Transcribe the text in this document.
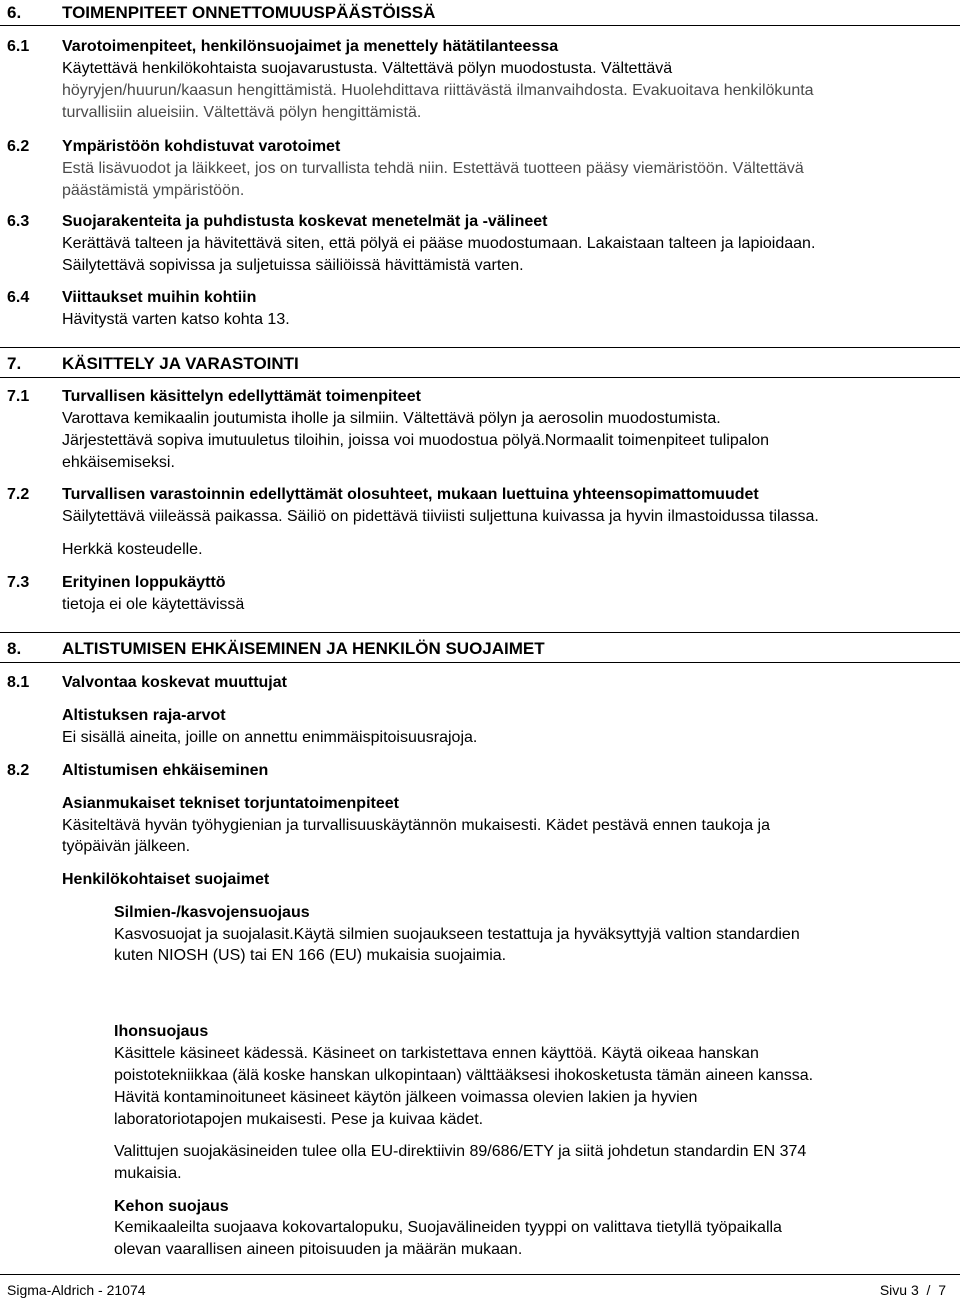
6. TOIMENPITEET ONNETTOMUUSPÄÄSTÖISSÄ
6.1 Varotoimenpiteet, henkilönsuojaimet ja menettely hätätilanteessa
Käytettävä henkilökohtaista suojavarustusta. Vältettävä pölyn muodostusta. Vältettävä
höyryjen/huurun/kaasun hengittämistä. Huolehdittava riittävästä ilmanvaihdosta. Evakuoitava henkilökunta
turvallisiin alueisiin. Vältettävä pölyn hengittämistä.
6.2 Ympäristöön kohdistuvat varotoimet
Estä lisävuodot ja läikkeet, jos on turvallista tehdä niin. Estettävä tuotteen pääsy viemäristöön. Vältettävä
päästämistä ympäristöön.
6.3 Suojarakenteita ja puhdistusta koskevat menetelmät ja -välineet
Kerättävä talteen ja hävitettävä siten, että pölyä ei pääse muodostumaan. Lakaistaan talteen ja lapioidaan.
Säilytettävä sopivissa ja suljetuissa säiliöissä hävittämistä varten.
6.4 Viittaukset muihin kohtiin
Hävitystä varten katso kohta 13.
7. KÄSITTELY JA VARASTOINTI
7.1 Turvallisen käsittelyn edellyttämät toimenpiteet
Varottava kemikaalin joutumista iholle ja silmiin. Vältettävä pölyn ja aerosolin muodostumista.
Järjestettävä sopiva imutuuletus tiloihin, joissa voi muodostua pölyä.Normaalit toimenpiteet tulipalon
ehkäisemiseksi.
7.2 Turvallisen varastoinnin edellyttämät olosuhteet, mukaan luettuina yhteensopimattomuudet
Säilytettävä viileässä paikassa. Säiliö on pidettävä tiiviisti suljettuna kuivassa ja hyvin ilmastoidussa tilassa.
Herkkä kosteudelle.
7.3 Erityinen loppukäyttö
tietoja ei ole käytettävissä
8. ALTISTUMISEN EHKÄISEMINEN JA HENKILÖN SUOJAIMET
8.1 Valvontaa koskevat muuttujat
Altistuksen raja-arvot
Ei sisällä aineita, joille on annettu enimmäispitoisuusrajoja.
8.2 Altistumisen ehkäiseminen
Asianmukaiset tekniset torjuntatoimenpiteet
Käsiteltävä hyvän työhygienian ja turvallisuuskäytännön mukaisesti. Kädet pestävä ennen taukoja ja
työpäivän jälkeen.
Henkilökohtaiset suojaimet
Silmien-/kasvojensuojaus
Kasvosuojat ja suojalasit.Käytä silmien suojaukseen testattuja ja hyväksyttyjä valtion standardien
kuten NIOSH (US) tai EN 166 (EU) mukaisia suojaimia.
Ihonsuojaus
Käsittele käsineet kädessä. Käsineet on tarkistettava ennen käyttöä. Käytä oikeaa hanskan
poistotekniikkaa (älä koske hanskan ulkopintaan) välttääksesi ihokosketusta tämän aineen kanssa.
Hävitä kontaminoituneet käsineet käytön jälkeen voimassa olevien lakien ja hyvien
laboratoriotapojen mukaisesti. Pese ja kuivaa kädet.
Valittujen suojakäsineiden tulee olla EU-direktiivin 89/686/ETY ja siitä johdetun standardin EN 374
mukaisia.
Kehon suojaus
Kemikaaleilta suojaava kokovartalopuku, Suojavälineiden tyyppi on valittava tietyllä työpaikalla
olevan vaarallisen aineen pitoisuuden ja määrän mukaan.
Sigma-Aldrich - 21074	Sivu 3  /  7
